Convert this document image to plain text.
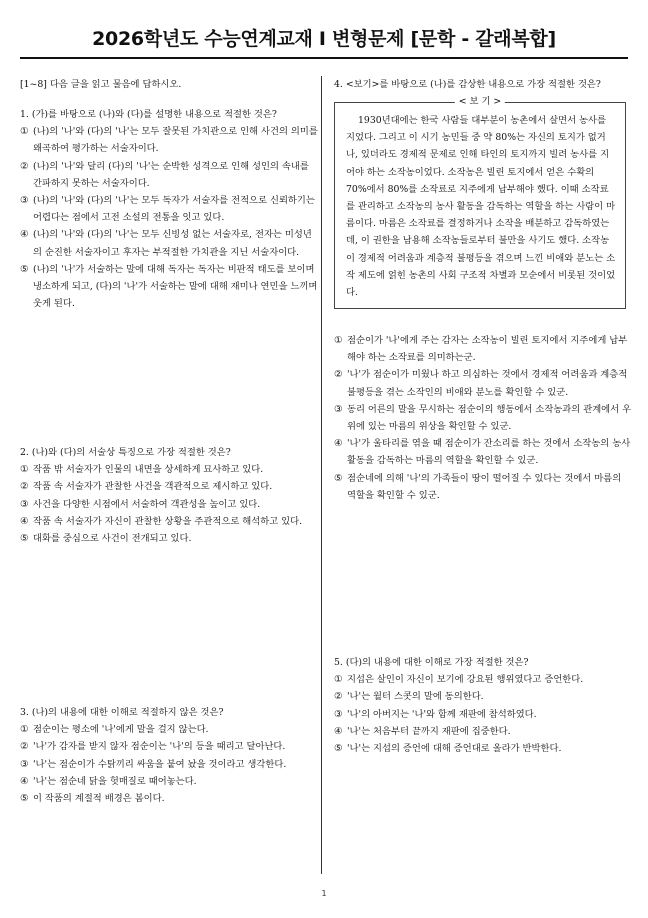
2026학년도 수능연계교재 I 변형문제 [문학 - 갈래복합]

[1~8] 다음 글을 읽고 물음에 답하시오.

1. (가)를 바탕으로 (나)와 (다)를 설명한 내용으로 적절한 것은?

① (나)의 '나'와 (다)의 '나'는 모두 잘못된 가치관으로 인해 사건의 의미를 왜곡하여 평가하는 서술자이다.
② (나)의 '나'와 달리 (다)의 '나'는 순박한 성격으로 인해 성인의 속내를 간파하지 못하는 서술자이다.
③ (나)의 '나'와 (다)의 '나'는 모두 독자가 서술자를 전적으로 신뢰하기는 어렵다는 점에서 고전 소설의 전통을 잇고 있다.
④ (나)의 '나'와 (다)의 '나'는 모두 신빙성 없는 서술자로, 전자는 미성년의 순진한 서술자이고 후자는 부적절한 가치관을 지닌 서술자이다.
⑤ (나)의 '나'가 서술하는 말에 대해 독자는 독자는 비판적 태도를 보이며 냉소하게 되고, (다)의 '나'가 서술하는 말에 대해 재미나 연민을 느끼며 웃게 된다.

2. (나)와 (다)의 서술상 특징으로 가장 적절한 것은?

① 작품 밖 서술자가 인물의 내면을 상세하게 묘사하고 있다.
② 작품 속 서술자가 관찰한 사건을 객관적으로 제시하고 있다.
③ 사건을 다양한 시점에서 서술하여 객관성을 높이고 있다.
④ 작품 속 서술자가 자신이 관찰한 상황을 주관적으로 해석하고 있다.
⑤ 대화를 중심으로 사건이 전개되고 있다.

3. (나)의 내용에 대한 이해로 적절하지 않은 것은?

① 점순이는 평소에 '나'에게 말을 걸지 않는다.
② '나'가 감자를 받지 않자 점순이는 '나'의 등을 때리고 달아난다.
③ '나'는 점순이가 수탉끼리 싸움을 붙여 놨을 것이라고 생각한다.
④ '나'는 점순네 닭을 헛매질로 때어놓는다.
⑤ 이 작품의 계절적 배경은 봄이다.

4. <보기>를 바탕으로 (나)를 감상한 내용으로 가장 적절한 것은?

< 보 기 >

1930년대에는 한국 사람들 대부분이 농촌에서 살면서 농사를 지었다. 그리고 이 시기 농민들 중 약 80%는 자신의 토지가 없거나, 있더라도 경제적 문제로 인해 타인의 토지까지 빌려 농사를 지어야 하는 소작농이었다. 소작농은 빌린 토지에서 얻은 수확의 70%에서 80%를 소작료로 지주에게 납부해야 했다. 이때 소작료를 관리하고 소작농의 농사 활동을 감독하는 역할을 하는 사람이 마름이다. 마름은 소작료를 결정하거나 소작을 배분하고 감독하였는데, 이 권한을 남용해 소작농들로부터 불만을 사기도 했다. 소작농이 경제적 어려움과 계층적 불평등을 겪으며 느낀 비애와 분노는 소작 제도에 얽힌 농촌의 사회 구조적 차별과 모순에서 비롯된 것이었다.

① 점순이가 '나'에게 주는 감자는 소작농이 빌린 토지에서 지주에게 납부해야 하는 소작료를 의미하는군.
② '나'가 점순이가 미웠나 하고 의심하는 것에서 경제적 어려움과 계층적 불평등을 겪는 소작인의 비애와 분노를 확인할 수 있군.
③ 동리 어른의 말을 무시하는 점순이의 행동에서 소작농과의 관계에서 우위에 있는 마름의 위상을 확인할 수 있군.
④ '나'가 울타리를 엮을 때 점순이가 잔소리를 하는 것에서 소작농의 농사 활동을 감독하는 마름의 역할을 확인할 수 있군.
⑤ 점순네에 의해 '나'의 가족들이 땅이 떨어질 수 있다는 것에서 마름의 역할을 확인할 수 있군.

5. (다)의 내용에 대한 이해로 가장 적절한 것은?

① 지섭은 살인이 자신이 보기에 강요된 행위였다고 증언한다.
② '나'는 월터 스콧의 말에 동의한다.
③ '나'의 아버지는 '나'와 함께 재판에 참석하였다.
④ '나'는 처음부터 끝까지 재판에 집중한다.
⑤ '나'는 지섭의 증언에 대해 증언대로 올라가 반박한다.
1
